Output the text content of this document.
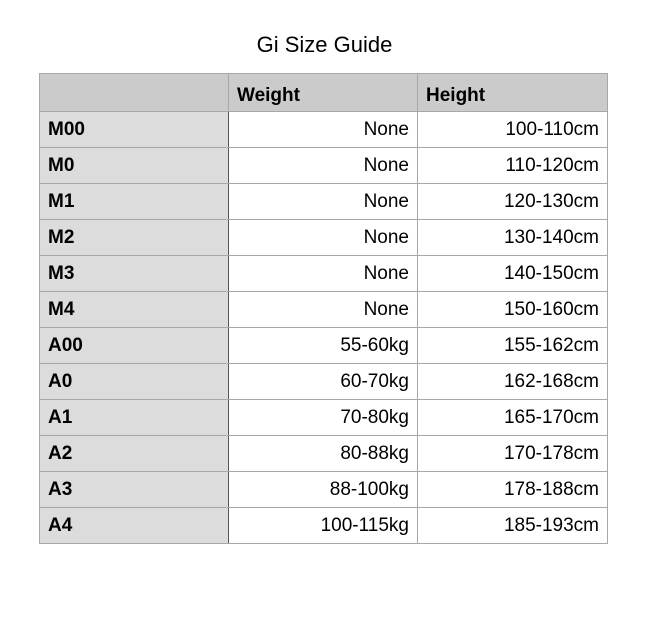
Gi Size Guide
	Weight	Height
M00	None	100-110cm
M0	None	110-120cm
M1	None	120-130cm
M2	None	130-140cm
M3	None	140-150cm
M4	None	150-160cm
A00	55-60kg	155-162cm
A0	60-70kg	162-168cm
A1	70-80kg	165-170cm
A2	80-88kg	170-178cm
A3	88-100kg	178-188cm
A4	100-115kg	185-193cm
